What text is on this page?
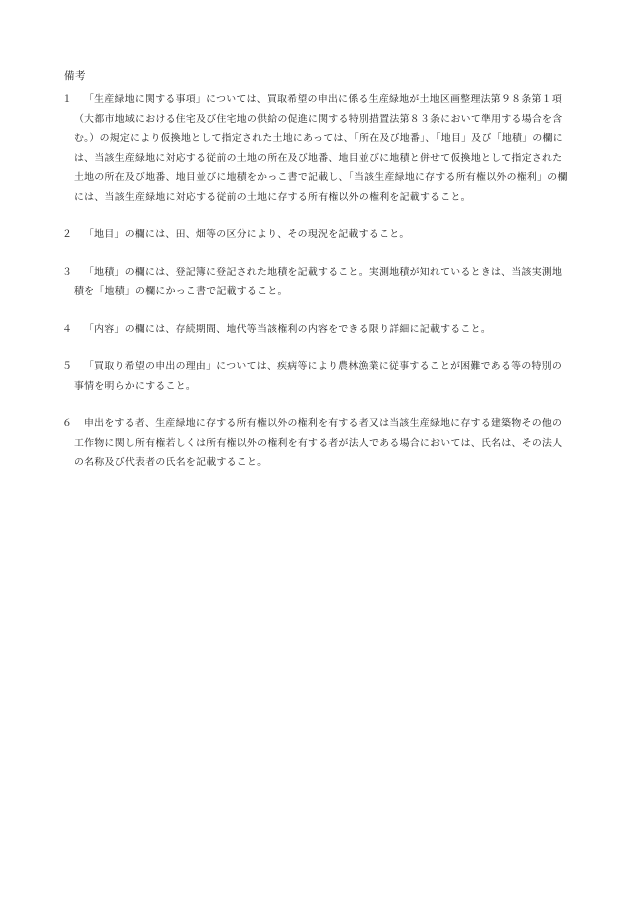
備考

１ 「生産緑地に関する事項」については、買取希望の申出に係る生産緑地が土地区画整理法第９８条第１項（大都市地域における住宅及び住宅地の供給の促進に関する特別措置法第８３条において準用する場合を含む。）の規定により仮換地として指定された土地にあっては、「所在及び地番」、「地目」及び「地積」の欄には、当該生産緑地に対応する従前の土地の所在及び地番、地目並びに地積と併せて仮換地として指定された土地の所在及び地番、地目並びに地積をかっこ書で記載し、「当該生産緑地に存する所有権以外の権利」の欄には、当該生産緑地に対応する従前の土地に存する所有権以外の権利を記載すること。

２ 「地目」の欄には、田、畑等の区分により、その現況を記載すること。

３ 「地積」の欄には、登記簿に登記された地積を記載すること。実測地積が知れているときは、当該実測地積を「地積」の欄にかっこ書で記載すること。

４ 「内容」の欄には、存続期間、地代等当該権利の内容をできる限り詳細に記載すること。

５ 「買取り希望の申出の理由」については、疾病等により農林漁業に従事することが困難である等の特別の事情を明らかにすること。

６ 申出をする者、生産緑地に存する所有権以外の権利を有する者又は当該生産緑地に存する建築物その他の工作物に関し所有権若しくは所有権以外の権利を有する者が法人である場合においては、氏名は、その法人の名称及び代表者の氏名を記載すること。
